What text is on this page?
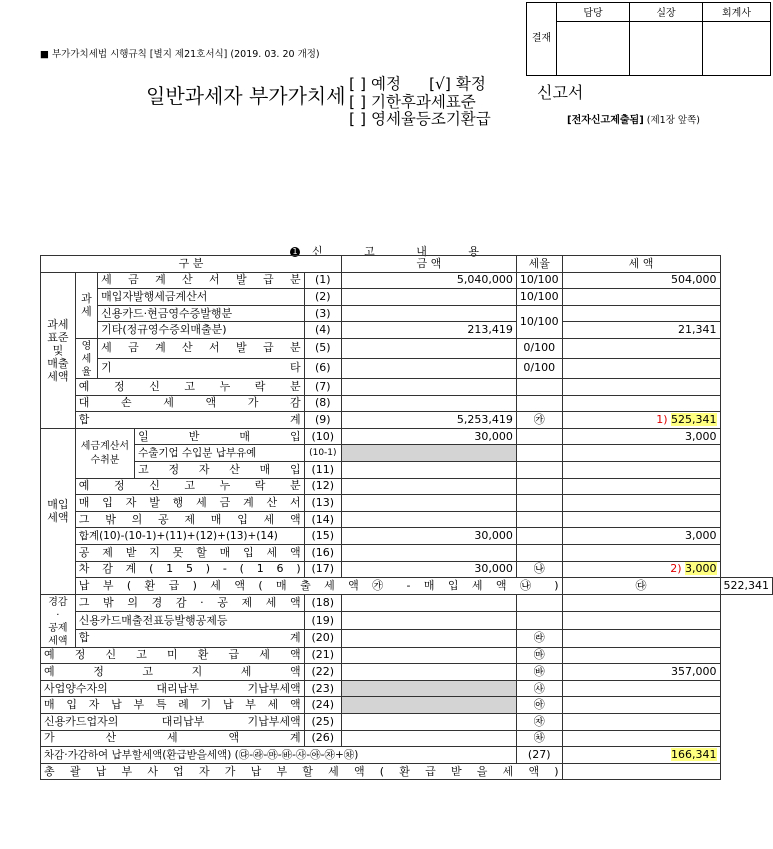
결재	담당	실장	회계사

■ 부가가치세법 시행규칙 [별지 제21호서식] (2019. 03. 20 개정)
일반과세자 부가가치세 [ ] 예정 [√] 확정
[ ] 기한후과세표준
[ ] 영세율등조기환급
신고서
[전자신고제출됨] (제1장 앞쪽)
1 신 고 내 용
구 분					금 액	세율	세 액	
과세
표준
및
매출
세액	과
세	세 금 계 산 서 발 급 분		(1)	5,040,000	10/100	504,000	
		매입자발행세금계산서		(2)		10/100		
		신용카드·현금영수증발행분		(3)		10/100		
		기타(정규영수증외매출분)		(4)	213,419		21,341	
	영
세
율	세 금 계 산 서 발 급 분		(5)		0/100		
		기 타		(6)		0/100		
	예 정 신 고 누 락 분			(7)				
	대 손 세 액 가 감			(8)				
	합 계			(9)	5,253,419	㉮	1) 525,341	
매입
세액	세금계산서
수취분		일 반 매 입	(10)	30,000		3,000	
			수출기업 수입분 납부유예	(10-1)				
			고 정 자 산 매 입	(11)				
	예 정 신 고 누 락 분			(12)				
	매 입 자 발 행 세 금 계 산 서			(13)				
	그 밖 의 공 제 매 입 세 액			(14)				
	합계(10)-(10-1)+(11)+(12)+(13)+(14)			(15)	30,000		3,000	
	공 제 받 지 못 할 매 입 세 액			(16)				
	차 감 계 ( 1 5 ) - ( 1 6 )			(17)	30,000	㉯	2) 3,000	
	납 부 ( 환 급 ) 세 액 ( 매 출 세 액 ㉮ - 매 입 세 액 ㉯ )						㉰	522,341
경감
·
공제
세액	그 밖 의 경 감 · 공 제 세 액			(18)				
	신용카드매출전표등발행공제등			(19)				
	합 계			(20)		㉱		
예 정 신 고 미 환 급 세 액				(21)		㉲		
예 정 고 지 세 액				(22)		㉳	357,000	
사업양수자의 대리납부 기납부세액				(23)		㉴		
매 입 자 납 부 특 례 기 납 부 세 액				(24)		㉵		
신용카드업자의 대리납부 기납부세액				(25)		㉶		
가 산 세 액 계				(26)		㉷		
차감·가감하여 납부할세액(환급받을세액) (㉰-㉱-㉲-㉳-㉴-㉵-㉶+㉷)						(27)	166,341	
총 괄 납 부 사 업 자 가 납 부 할 세 액 ( 환 급 받 을 세 액 )								
